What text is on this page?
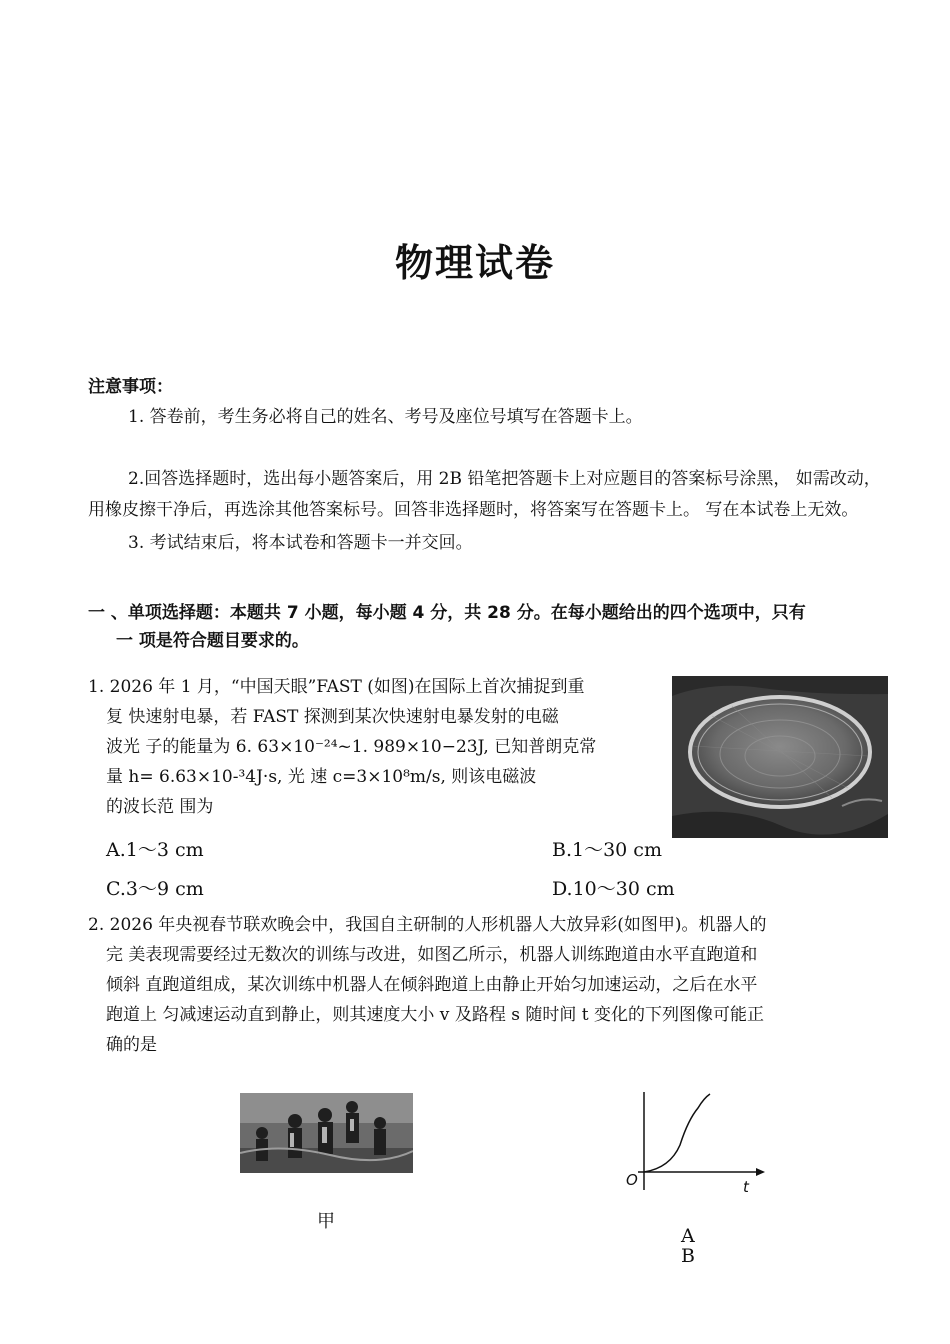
物理试卷
注意事项：
1. 答卷前，考生务必将自己的姓名、考号及座位号填写在答题卡上。
2.回答选择题时，选出每小题答案后，用 2B 铅笔把答题卡上对应题目的答案标号涂黑， 如需改动，用橡皮擦干净后，再选涂其他答案标号。回答非选择题时，将答案写在答题卡上。 写在本试卷上无效。
3. 考试结束后，将本试卷和答题卡一并交回。
一 、单项选择题：本题共 7 小题，每小题 4 分，共 28 分。在每小题给出的四个选项中，只有
一 项是符合题目要求的。
1. 2026 年 1 月，“中国天眼”FAST (如图)在国际上首次捕捉到重
复 快速射电暴，若 FAST 探测到某次快速射电暴发射的电磁
波光 子的能量为 6. 63×10⁻²⁴~1. 989×10−23J, 已知普朗克常
量 h= 6.63×10-³4J·s, 光 速 c=3×10⁸m/s, 则该电磁波
的波长范 围为
A.1～3 cm	B.1～30 cm
C.3～9 cm	D.10～30 cm
2. 2026 年央视春节联欢晚会中，我国自主研制的人形机器人大放异彩(如图甲)。机器人的
完 美表现需要经过无数次的训练与改进，如图乙所示，机器人训练跑道由水平直跑道和
倾斜 直跑道组成，某次训练中机器人在倾斜跑道上由静止开始匀加速运动，之后在水平
跑道上 匀减速运动直到静止，则其速度大小 v 及路程 s 随时间 t 变化的下列图像可能正
确的是
甲
O	t
A
B
